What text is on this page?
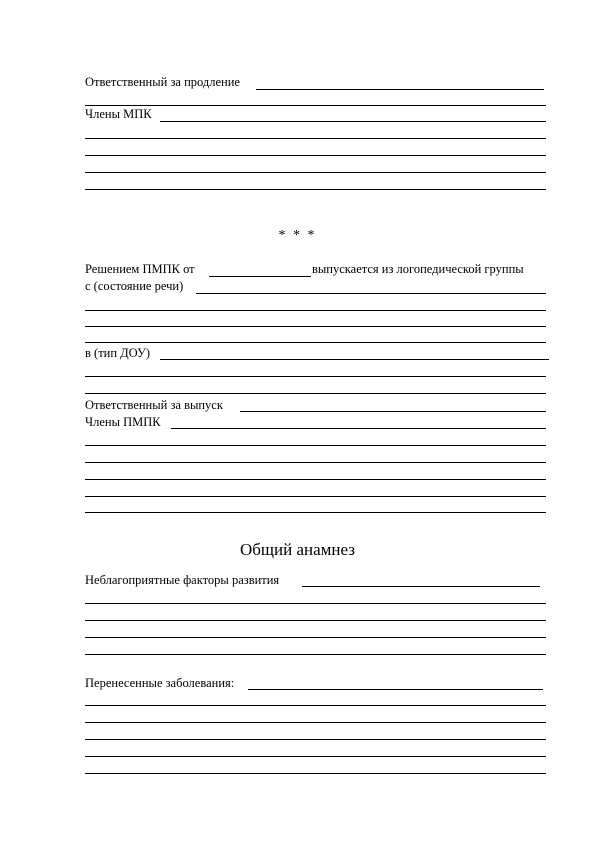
Ответственный за продление
Члены МПК
* * *
Решением ПМПК от	выпускается из логопедической группы
с (состояние речи)
в (тип ДОУ)
Ответственный за выпуск
Члены ПМПК
Общий анамнез
Неблагоприятные факторы развития
Перенесенные заболевания:
